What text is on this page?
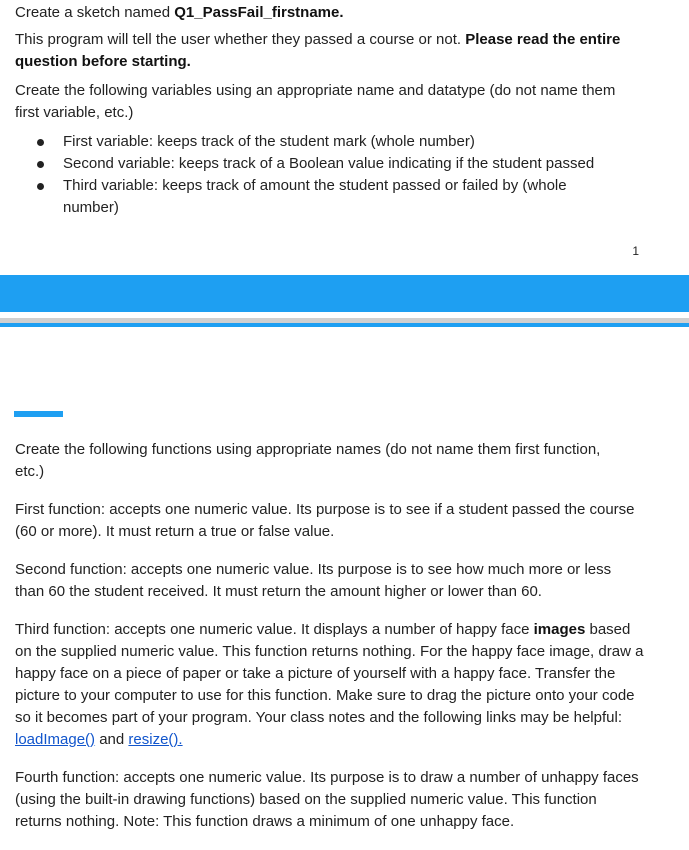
Create a sketch named Q1_PassFail_firstname.

This program will tell the user whether they passed a course or not. Please read the entire question before starting.

Create the following variables using an appropriate name and datatype (do not name them first variable, etc.)

First variable: keeps track of the student mark (whole number)
Second variable: keeps track of a Boolean value indicating if the student passed
Third variable: keeps track of amount the student passed or failed by (whole number)
1

Create the following functions using appropriate names (do not name them first function, etc.)

First function: accepts one numeric value. Its purpose is to see if a student passed the course (60 or more). It must return a true or false value.

Second function: accepts one numeric value. Its purpose is to see how much more or less than 60 the student received. It must return the amount higher or lower than 60.

Third function: accepts one numeric value. It displays a number of happy face images based on the supplied numeric value. This function returns nothing. For the happy face image, draw a happy face on a piece of paper or take a picture of yourself with a happy face. Transfer the picture to your computer to use for this function. Make sure to drag the picture onto your code so it becomes part of your program. Your class notes and the following links may be helpful: loadImage() and resize().

Fourth function: accepts one numeric value. Its purpose is to draw a number of unhappy faces (using the built-in drawing functions) based on the supplied numeric value. This function returns nothing. Note: This function draws a minimum of one unhappy face.
